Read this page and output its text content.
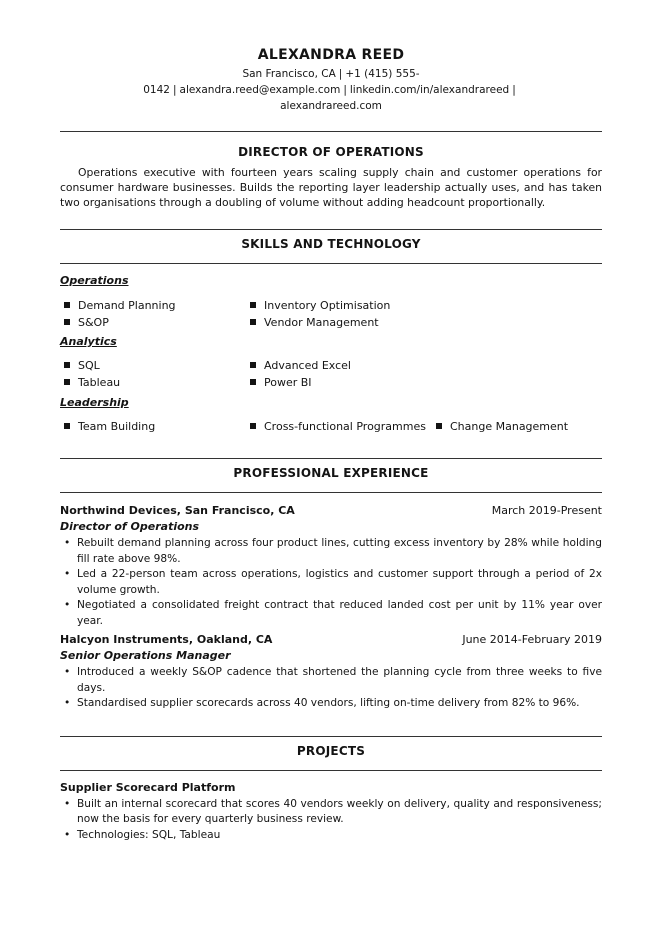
ALEXANDRA REED
San Francisco, CA | +1 (415) 555-0142 | alexandra.reed@example.com | linkedin.com/in/alexandrareed |
alexandrareed.com
DIRECTOR OF OPERATIONS
Operations executive with fourteen years scaling supply chain and customer operations for consumer hardware businesses. Builds the reporting layer leadership actually uses, and has taken two organisations through a doubling of volume without adding headcount proportionally.
SKILLS AND TECHNOLOGY
Operations
Demand Planning	Inventory Optimisation
S&OP	Vendor Management
Analytics
SQL	Advanced Excel
Tableau	Power BI
Leadership
Team Building	Cross-functional Programmes	Change Management
PROFESSIONAL EXPERIENCE
Northwind Devices, San Francisco, CA	March 2019-Present
Director of Operations
• Rebuilt demand planning across four product lines, cutting excess inventory by 28% while holding fill rate above 98%.
• Led a 22-person team across operations, logistics and customer support through a period of 2x volume growth.
• Negotiated a consolidated freight contract that reduced landed cost per unit by 11% year over year.
Halcyon Instruments, Oakland, CA	June 2014-February 2019
Senior Operations Manager
• Introduced a weekly S&OP cadence that shortened the planning cycle from three weeks to five days.
• Standardised supplier scorecards across 40 vendors, lifting on-time delivery from 82% to 96%.
PROJECTS
Supplier Scorecard Platform
• Built an internal scorecard that scores 40 vendors weekly on delivery, quality and responsiveness; now the basis for every quarterly business review.
• Technologies: SQL, Tableau
